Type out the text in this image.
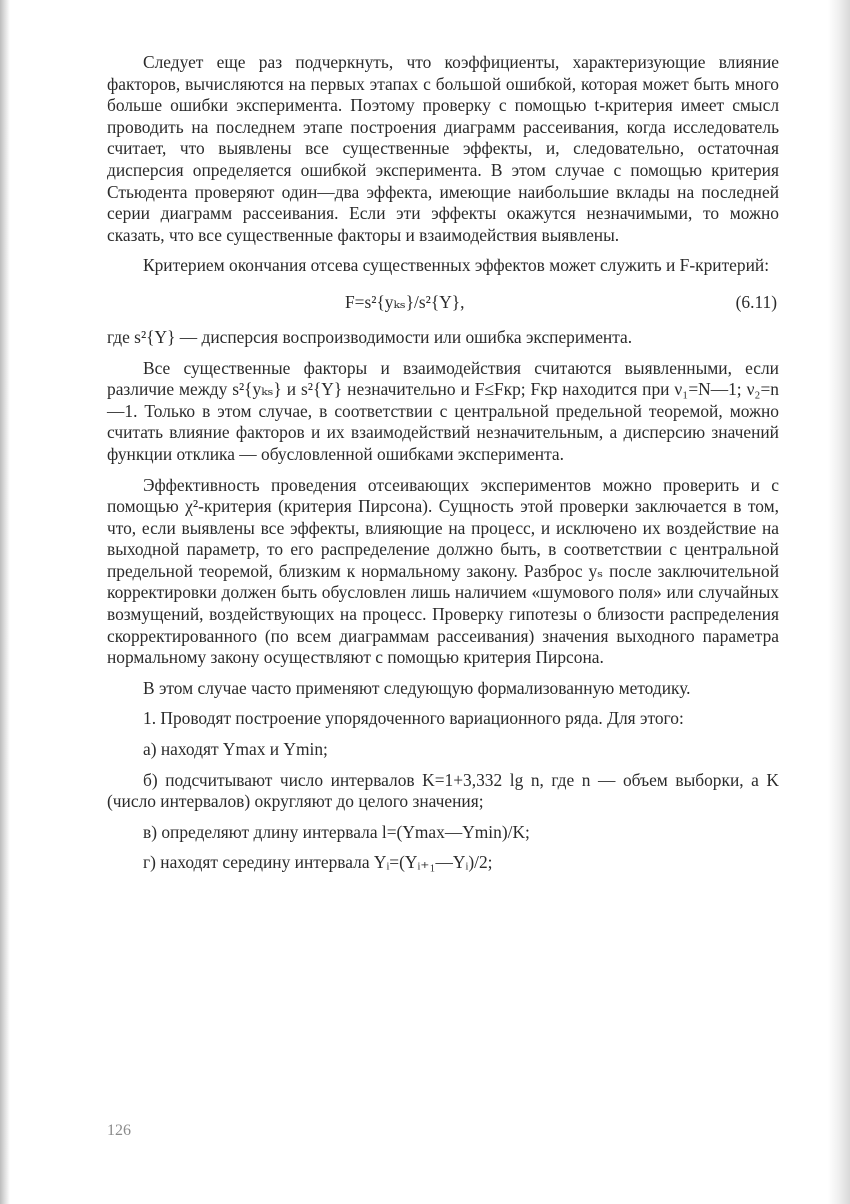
Следует еще раз подчеркнуть, что коэффициенты, характеризующие влияние факторов, вычисляются на первых этапах с большой ошибкой, которая может быть много больше ошибки эксперимента. Поэтому проверку с помощью t-критерия имеет смысл проводить на последнем этапе построения диаграмм рассеивания, когда исследователь считает, что выявлены все существенные эффекты, и, следовательно, остаточная дисперсия определяется ошибкой эксперимента. В этом случае с помощью критерия Стьюдента проверяют один—два эффекта, имеющие наибольшие вклады на последней серии диаграмм рассеивания. Если эти эффекты окажутся незначимыми, то можно сказать, что все существенные факторы и взаимодействия выявлены.

Критерием окончания отсева существенных эффектов может служить и F-критерий:

F=s²{yₖₛ}/s²{Y},	(6.11)

где s²{Y} — дисперсия воспроизводимости или ошибка эксперимента.

Все существенные факторы и взаимодействия считаются выявленными, если различие между s²{yₖₛ} и s²{Y} незначительно и F≤Fкр; Fкр находится при ν₁=N—1; ν₂=n—1. Только в этом случае, в соответствии с центральной предельной теоремой, можно считать влияние факторов и их взаимодействий незначительным, а дисперсию значений функции отклика — обусловленной ошибками эксперимента.

Эффективность проведения отсеивающих экспериментов можно проверить и с помощью χ²-критерия (критерия Пирсона). Сущность этой проверки заключается в том, что, если выявлены все эффекты, влияющие на процесс, и исключено их воздействие на выходной параметр, то его распределение должно быть, в соответствии с центральной предельной теоремой, близким к нормальному закону. Разброс yₛ после заключительной корректировки должен быть обусловлен лишь наличием «шумового поля» или случайных возмущений, воздействующих на процесс. Проверку гипотезы о близости распределения скорректированного (по всем диаграммам рассеивания) значения выходного параметра нормальному закону осуществляют с помощью критерия Пирсона.

В этом случае часто применяют следующую формализованную методику.

1. Проводят построение упорядоченного вариационного ряда. Для этого:

а) находят Ymax и Ymin;

б) подсчитывают число интервалов K=1+3,332 lg n, где n — объем выборки, а K (число интервалов) округляют до целого значения;

в) определяют длину интервала l=(Ymax—Ymin)/K;

г) находят середину интервала Yᵢ=(Yᵢ₊₁—Yᵢ)/2;

126
